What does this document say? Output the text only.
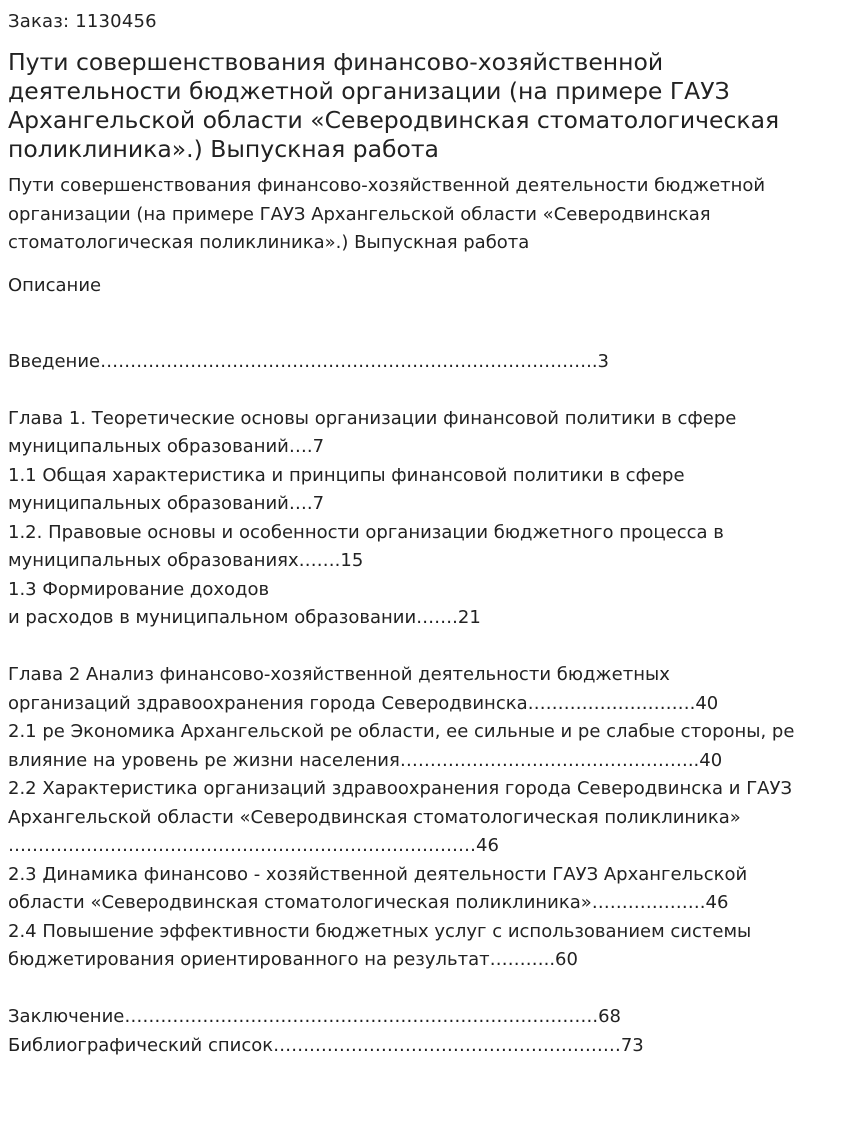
Заказ: 1130456
Пути совершенствования финансово-хозяйственной
деятельности бюджетной организации (на примере ГАУЗ
Архангельской области «Северодвинская стоматологическая
поликлиника».) Выпускная работа
Пути совершенствования финансово-хозяйственной деятельности бюджетной
организации (на примере ГАУЗ Архангельской области «Северодвинская
стоматологическая поликлиника».) Выпускная работа
Описание
Введение………………………………………………………………………..3
Глава 1. Теоретические основы организации финансовой политики в сфере
муниципальных образований….7
1.1 Общая характеристика и принципы финансовой политики в сфере
муниципальных образований….7
1.2. Правовые основы и особенности организации бюджетного процесса в
муниципальных образованиях…….15
1.3 Формирование доходов
и расходов в муниципальном образовании…….21
Глава 2 Анализ финансово-хозяйственной деятельности бюджетных
организаций здравоохранения города Северодвинска……………………….40
2.1 ре Экономика Архангельской ре области, ее сильные и ре слабые стороны, ре
влияние на уровень ре жизни населения…………………………………………..40
2.2 Характеристика организаций здравоохранения города Северодвинска и ГАУЗ
Архангельской области «Северодвинская стоматологическая поликлиника»
……………………………………………………………………46
2.3 Динамика финансово - хозяйственной деятельности ГАУЗ Архангельской
области «Северодвинская стоматологическая поликлиника»……………….46
2.4 Повышение эффективности бюджетных услуг с использованием системы
бюджетирования ориентированного на результат………..60
Заключение…………………………………………………………………….68
Библиографический список…….……………………………………………73
